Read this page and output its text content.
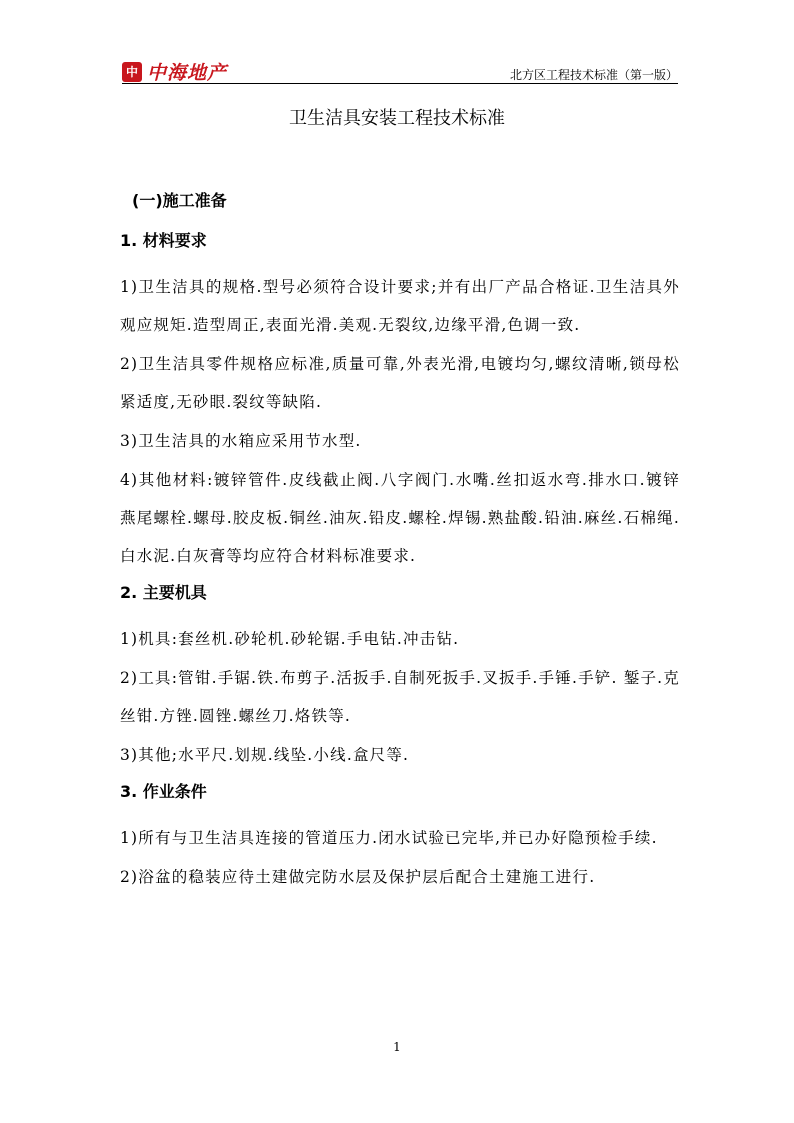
中 中海地产	北方区工程技术标准（第一版）
卫生洁具安装工程技术标准
(一)施工准备
1. 材料要求

1)卫生洁具的规格.型号必须符合设计要求;并有出厂产品合格证.卫生洁具外观应规矩.造型周正,表面光滑.美观.无裂纹,边缘平滑,色调一致.

2)卫生洁具零件规格应标准,质量可靠,外表光滑,电镀均匀,螺纹清晰,锁母松紧适度,无砂眼.裂纹等缺陷.

3)卫生洁具的水箱应采用节水型.

4)其他材料:镀锌管件.皮线截止阀.八字阀门.水嘴.丝扣返水弯.排水口.镀锌燕尾螺栓.螺母.胶皮板.铜丝.油灰.铅皮.螺栓.焊锡.熟盐酸.铅油.麻丝.石棉绳.白水泥.白灰膏等均应符合材料标准要求.

2. 主要机具

1)机具:套丝机.砂轮机.砂轮锯.手电钻.冲击钻.

2)工具:管钳.手锯.铁.布剪子.活扳手.自制死扳手.叉扳手.手锤.手铲. 錾子.克丝钳.方锉.圆锉.螺丝刀.烙铁等.

3)其他;水平尺.划规.线坠.小线.盒尺等.

3. 作业条件

1)所有与卫生洁具连接的管道压力.闭水试验已完毕,并已办好隐预检手续.

2)浴盆的稳装应待土建做完防水层及保护层后配合土建施工进行.

1
